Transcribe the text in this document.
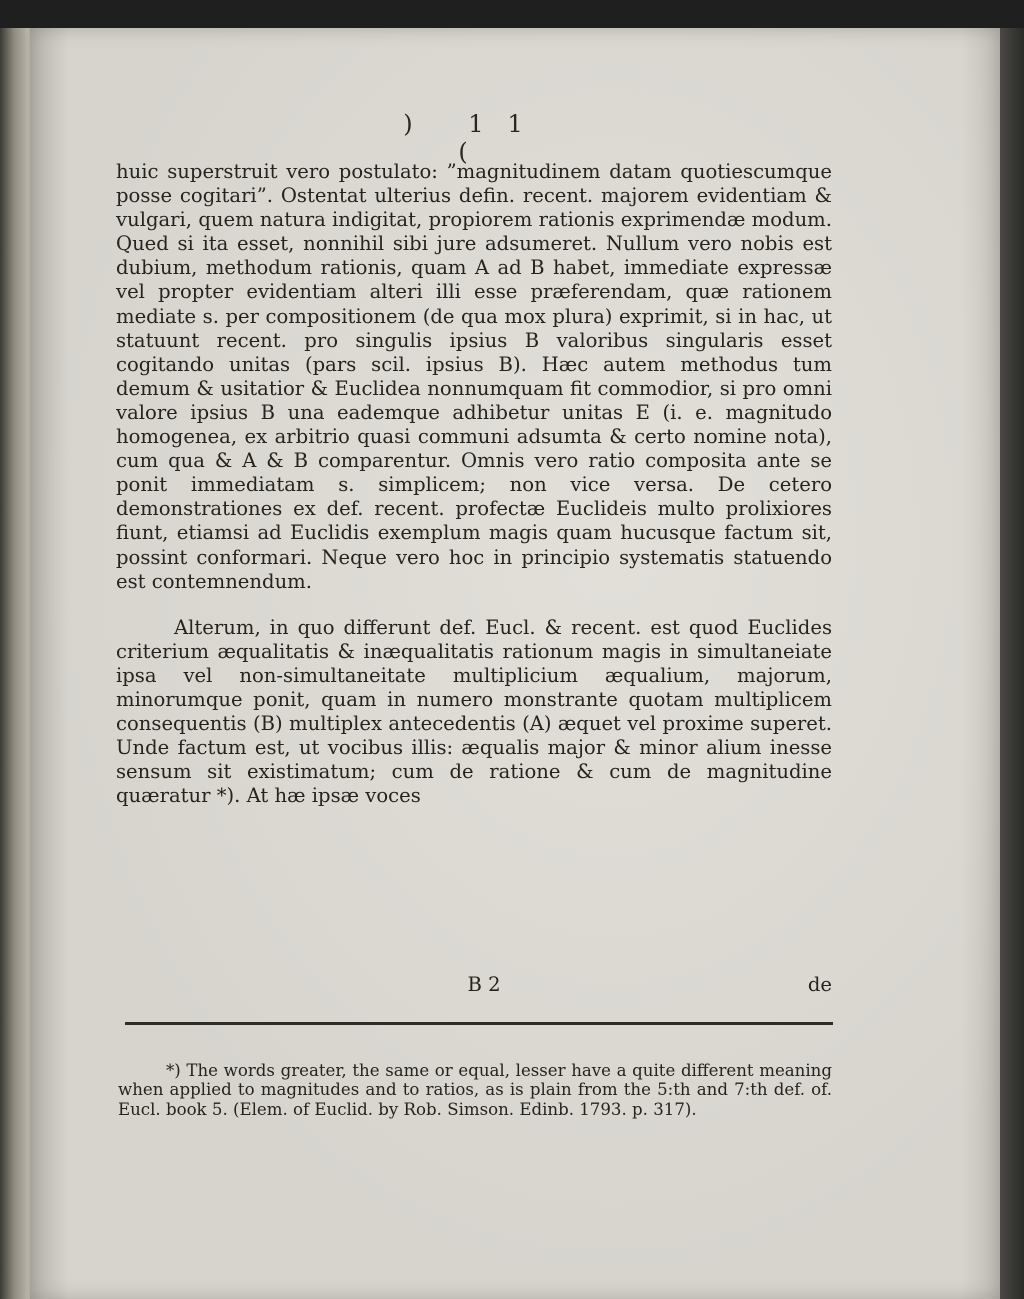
) 11 (

huic superstruit vero postulato: ”magnitudinem datam quotiescumque posse cogitari”. Ostentat ulterius defin. recent. majorem evidentiam & vulgari, quem natura indigitat, propiorem rationis exprimendæ modum. Qued si ita esset, nonnihil sibi jure adsumeret. Nullum vero nobis est dubium, methodum rationis, quam A ad B habet, immediate expressæ vel propter evidentiam alteri illi esse præferendam, quæ rationem mediate s. per compositionem (de qua mox plura) exprimit, si in hac, ut statuunt recent. pro singulis ipsius B valoribus singularis esset cogitando unitas (pars scil. ipsius B). Hæc autem methodus tum demum & usitatior & Euclidea nonnumquam fit commodior, si pro omni valore ipsius B una eademque adhibetur unitas E (i. e. magnitudo homogenea, ex arbitrio quasi communi adsumta & certo nomine nota), cum qua & A & B comparentur. Omnis vero ratio composita ante se ponit immediatam s. simplicem; non vice versa. De cetero demonstrationes ex def. recent. profectæ Euclideis multo prolixiores fiunt, etiamsi ad Euclidis exemplum magis quam hucusque factum sit, possint conformari. Neque vero hoc in principio systematis statuendo est contemnendum.

Alterum, in quo differunt def. Eucl. & recent. est quod Euclides criterium æqualitatis & inæqualitatis rationum magis in simultaneiate ipsa vel non-simultaneitate multiplicium æqualium, majorum, minorumque ponit, quam in numero monstrante quotam multiplicem consequentis (B) multiplex antecedentis (A) æquet vel proxime superet. Unde factum est, ut vocibus illis: æqualis major & minor alium inesse sensum sit existimatum; cum de ratione & cum de magnitudine quæratur *). At hæ ipsæ voces

B 2	de

*) The words greater, the same or equal, lesser have a quite different meaning when applied to magnitudes and to ratios, as is plain from the 5:th and 7:th def. of. Eucl. book 5. (Elem. of Euclid. by Rob. Simson. Edinb. 1793. p. 317).
